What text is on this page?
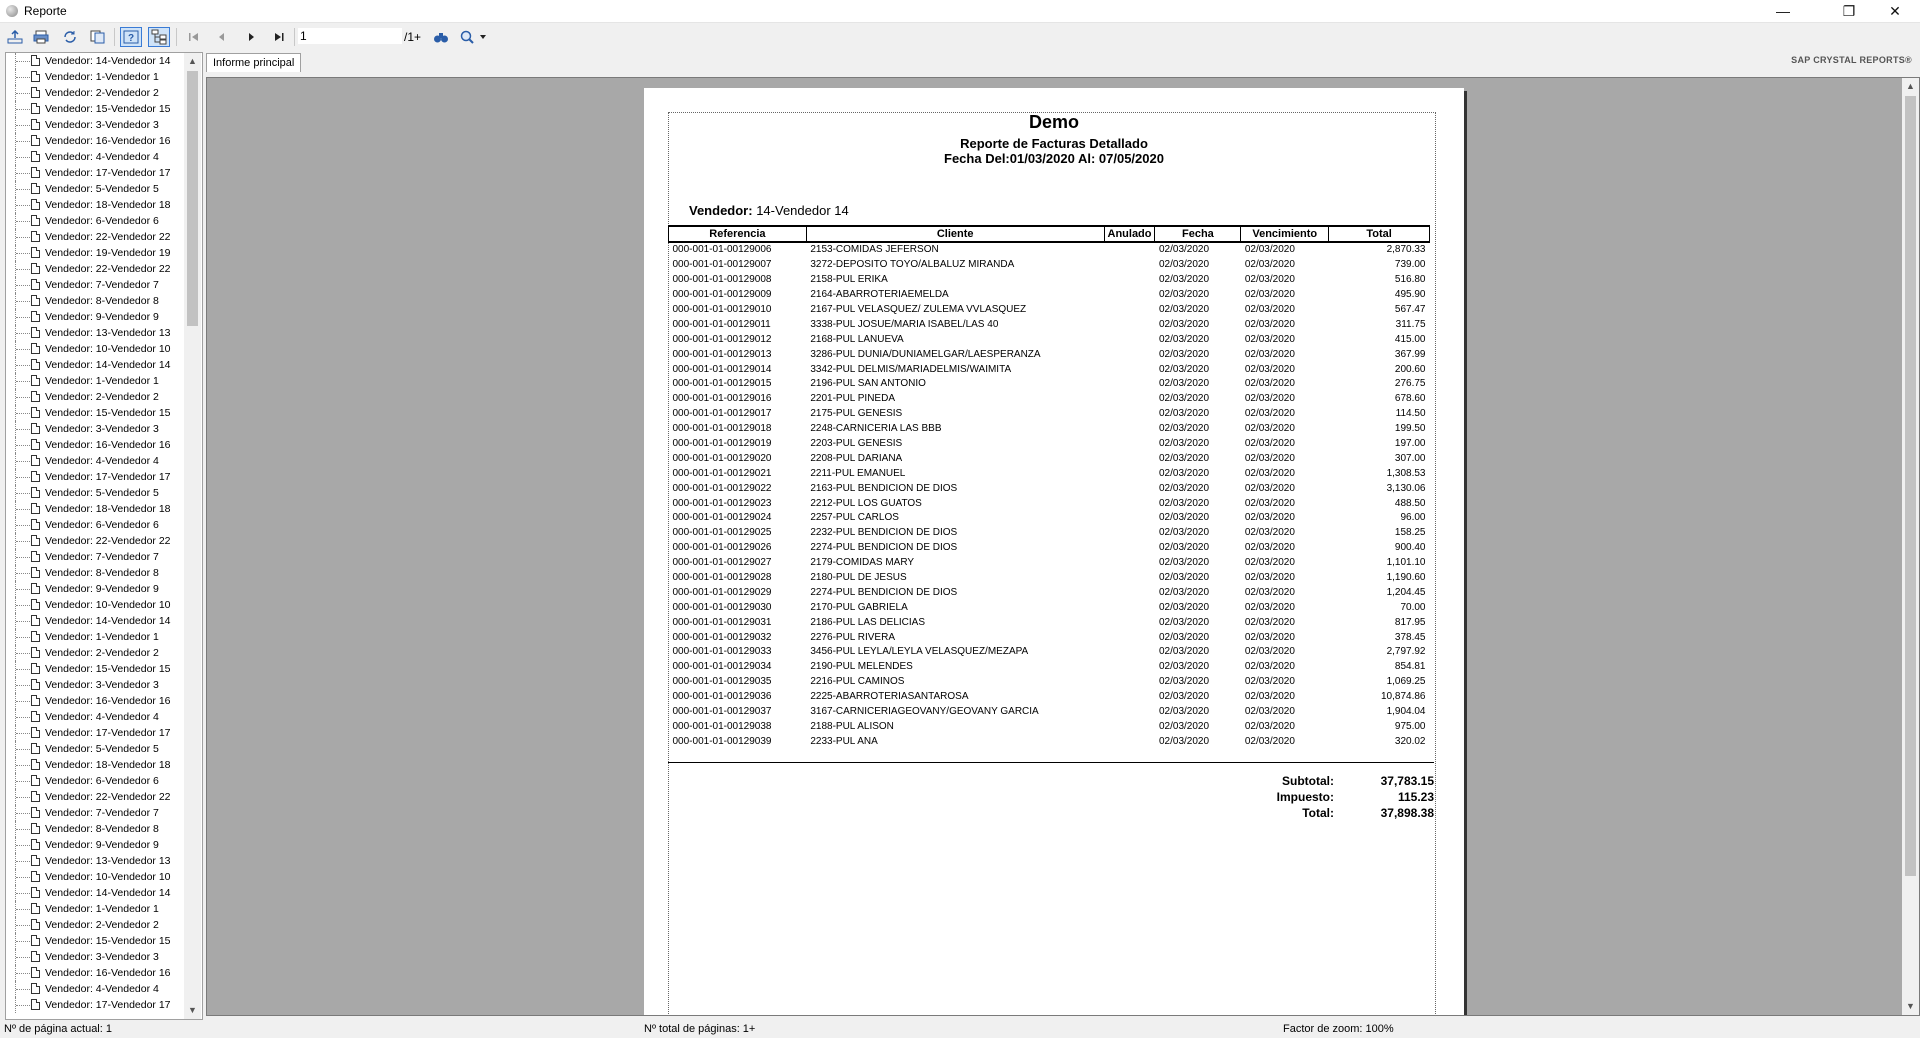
Reporte	—	❐	✕
?
SAP CRYSTAL REPORTS®
1
/1+
Vendedor: 14-Vendedor 14
Vendedor: 1-Vendedor 1
Vendedor: 2-Vendedor 2
Vendedor: 15-Vendedor 15
Vendedor: 3-Vendedor 3
Vendedor: 16-Vendedor 16
Vendedor: 4-Vendedor 4
Vendedor: 17-Vendedor 17
Vendedor: 5-Vendedor 5
Vendedor: 18-Vendedor 18
Vendedor: 6-Vendedor 6
Vendedor: 22-Vendedor 22
Vendedor: 19-Vendedor 19
Vendedor: 22-Vendedor 22
Vendedor: 7-Vendedor 7
Vendedor: 8-Vendedor 8
Vendedor: 9-Vendedor 9
Vendedor: 13-Vendedor 13
Vendedor: 10-Vendedor 10
Vendedor: 14-Vendedor 14
Vendedor: 1-Vendedor 1
Vendedor: 2-Vendedor 2
Vendedor: 15-Vendedor 15
Vendedor: 3-Vendedor 3
Vendedor: 16-Vendedor 16
Vendedor: 4-Vendedor 4
Vendedor: 17-Vendedor 17
Vendedor: 5-Vendedor 5
Vendedor: 18-Vendedor 18
Vendedor: 6-Vendedor 6
Vendedor: 22-Vendedor 22
Vendedor: 7-Vendedor 7
Vendedor: 8-Vendedor 8
Vendedor: 9-Vendedor 9
Vendedor: 10-Vendedor 10
Vendedor: 14-Vendedor 14
Vendedor: 1-Vendedor 1
Vendedor: 2-Vendedor 2
Vendedor: 15-Vendedor 15
Vendedor: 3-Vendedor 3
Vendedor: 16-Vendedor 16
Vendedor: 4-Vendedor 4
Vendedor: 17-Vendedor 17
Vendedor: 5-Vendedor 5
Vendedor: 18-Vendedor 18
Vendedor: 6-Vendedor 6
Vendedor: 22-Vendedor 22
Vendedor: 7-Vendedor 7
Vendedor: 8-Vendedor 8
Vendedor: 9-Vendedor 9
Vendedor: 13-Vendedor 13
Vendedor: 10-Vendedor 10
Vendedor: 14-Vendedor 14
Vendedor: 1-Vendedor 1
Vendedor: 2-Vendedor 2
Vendedor: 15-Vendedor 15
Vendedor: 3-Vendedor 3
Vendedor: 16-Vendedor 16
Vendedor: 4-Vendedor 4
Vendedor: 17-Vendedor 17
▲
▼
Informe principal
Demo
Reporte de Facturas Detallado
Fecha Del:01/03/2020 Al: 07/05/2020
Vendedor: 14-Vendedor 14
Referencia	Cliente	Anulado	Fecha	Vencimiento	Total
000-001-01-00129006	2153-COMIDAS JEFERSON		02/03/2020	02/03/2020	2,870.33
000-001-01-00129007	3272-DEPOSITO TOYO/ALBALUZ MIRANDA		02/03/2020	02/03/2020	739.00
000-001-01-00129008	2158-PUL ERIKA		02/03/2020	02/03/2020	516.80
000-001-01-00129009	2164-ABARROTERIAEMELDA		02/03/2020	02/03/2020	495.90
000-001-01-00129010	2167-PUL VELASQUEZ/ ZULEMA VVLASQUEZ		02/03/2020	02/03/2020	567.47
000-001-01-00129011	3338-PUL JOSUE/MARIA ISABEL/LAS 40		02/03/2020	02/03/2020	311.75
000-001-01-00129012	2168-PUL LANUEVA		02/03/2020	02/03/2020	415.00
000-001-01-00129013	3286-PUL DUNIA/DUNIAMELGAR/LAESPERANZA		02/03/2020	02/03/2020	367.99
000-001-01-00129014	3342-PUL DELMIS/MARIADELMIS/WAIMITA		02/03/2020	02/03/2020	200.60
000-001-01-00129015	2196-PUL SAN ANTONIO		02/03/2020	02/03/2020	276.75
000-001-01-00129016	2201-PUL PINEDA		02/03/2020	02/03/2020	678.60
000-001-01-00129017	2175-PUL GENESIS		02/03/2020	02/03/2020	114.50
000-001-01-00129018	2248-CARNICERIA LAS BBB		02/03/2020	02/03/2020	199.50
000-001-01-00129019	2203-PUL GENESIS		02/03/2020	02/03/2020	197.00
000-001-01-00129020	2208-PUL DARIANA		02/03/2020	02/03/2020	307.00
000-001-01-00129021	2211-PUL EMANUEL		02/03/2020	02/03/2020	1,308.53
000-001-01-00129022	2163-PUL BENDICION DE DIOS		02/03/2020	02/03/2020	3,130.06
000-001-01-00129023	2212-PUL LOS GUATOS		02/03/2020	02/03/2020	488.50
000-001-01-00129024	2257-PUL CARLOS		02/03/2020	02/03/2020	96.00
000-001-01-00129025	2232-PUL BENDICION DE DIOS		02/03/2020	02/03/2020	158.25
000-001-01-00129026	2274-PUL BENDICION DE DIOS		02/03/2020	02/03/2020	900.40
000-001-01-00129027	2179-COMIDAS MARY		02/03/2020	02/03/2020	1,101.10
000-001-01-00129028	2180-PUL DE JESUS		02/03/2020	02/03/2020	1,190.60
000-001-01-00129029	2274-PUL BENDICION DE DIOS		02/03/2020	02/03/2020	1,204.45
000-001-01-00129030	2170-PUL GABRIELA		02/03/2020	02/03/2020	70.00
000-001-01-00129031	2186-PUL LAS DELICIAS		02/03/2020	02/03/2020	817.95
000-001-01-00129032	2276-PUL RIVERA		02/03/2020	02/03/2020	378.45
000-001-01-00129033	3456-PUL LEYLA/LEYLA VELASQUEZ/MEZAPA		02/03/2020	02/03/2020	2,797.92
000-001-01-00129034	2190-PUL MELENDES		02/03/2020	02/03/2020	854.81
000-001-01-00129035	2216-PUL CAMINOS		02/03/2020	02/03/2020	1,069.25
000-001-01-00129036	2225-ABARROTERIASANTAROSA		02/03/2020	02/03/2020	10,874.86
000-001-01-00129037	3167-CARNICERIAGEOVANY/GEOVANY GARCIA		02/03/2020	02/03/2020	1,904.04
000-001-01-00129038	2188-PUL ALISON		02/03/2020	02/03/2020	975.00
000-001-01-00129039	2233-PUL ANA		02/03/2020	02/03/2020	320.02
Subtotal:	37,783.15
Impuesto:	115.23
Total:	37,898.38
▲
▼
Nº de página actual: 1	Nº total de páginas: 1+	Factor de zoom: 100%
